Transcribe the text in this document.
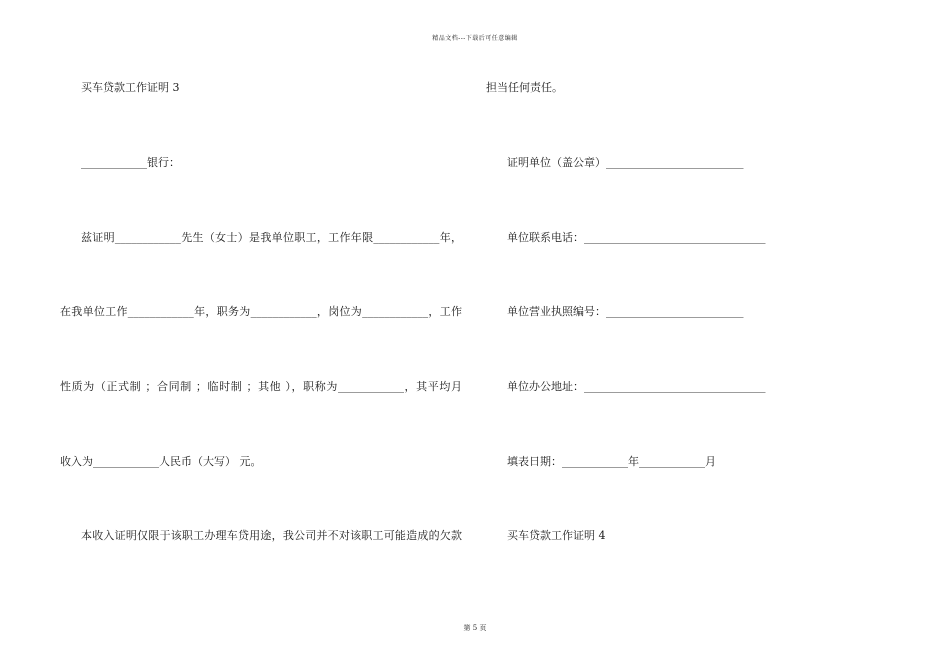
精品文档---下载后可任意编辑
买车贷款工作证明 3
____________银行：
兹证明____________先生（女士）是我单位职工，工作年限____________年，
在我单位工作____________年，职务为____________，岗位为____________，工作
性质为（正式制 ；合同制 ；临时制 ；其他 ），职称为____________，其平均月
收入为____________人民币（大写） 元。
本收入证明仅限于该职工办理车贷用途，我公司并不对该职工可能造成的欠款
担当任何责任。
证明单位（盖公章）_________________________
单位联系电话：_________________________________
单位营业执照编号：_________________________
单位办公地址：_________________________________
填表日期：____________年____________月
买车贷款工作证明 4
第 5 页
